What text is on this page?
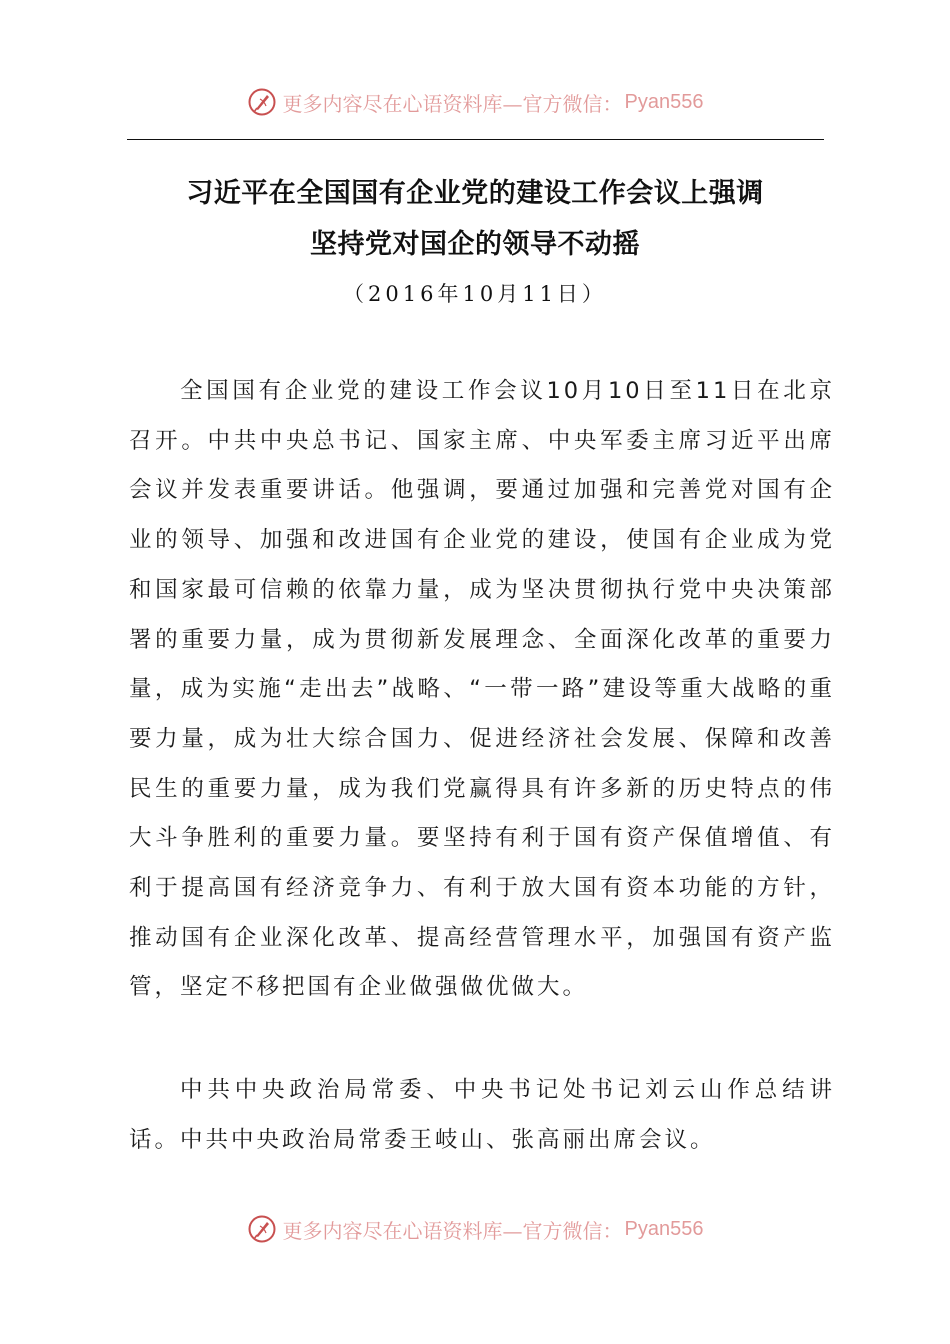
更多内容尽在心语资料库—官方微信： Pyan556
习近平在全国国有企业党的建设工作会议上强调
坚持党对国企的领导不动摇
（2016年10月11日）

全国国有企业党的建设工作会议10月10日至11日在北京召开。中共中央总书记、国家主席、中央军委主席习近平出席会议并发表重要讲话。他强调，要通过加强和完善党对国有企业的领导、加强和改进国有企业党的建设，使国有企业成为党和国家最可信赖的依靠力量，成为坚决贯彻执行党中央决策部署的重要力量，成为贯彻新发展理念、全面深化改革的重要力量，成为实施“走出去”战略、“一带一路”建设等重大战略的重要力量，成为壮大综合国力、促进经济社会发展、保障和改善民生的重要力量，成为我们党赢得具有许多新的历史特点的伟大斗争胜利的重要力量。要坚持有利于国有资产保值增值、有利于提高国有经济竞争力、有利于放大国有资本功能的方针，推动国有企业深化改革、提高经营管理水平，加强国有资产监管，坚定不移把国有企业做强做优做大。

中共中央政治局常委、中央书记处书记刘云山作总结讲话。中共中央政治局常委王岐山、张高丽出席会议。

更多内容尽在心语资料库—官方微信： Pyan556
